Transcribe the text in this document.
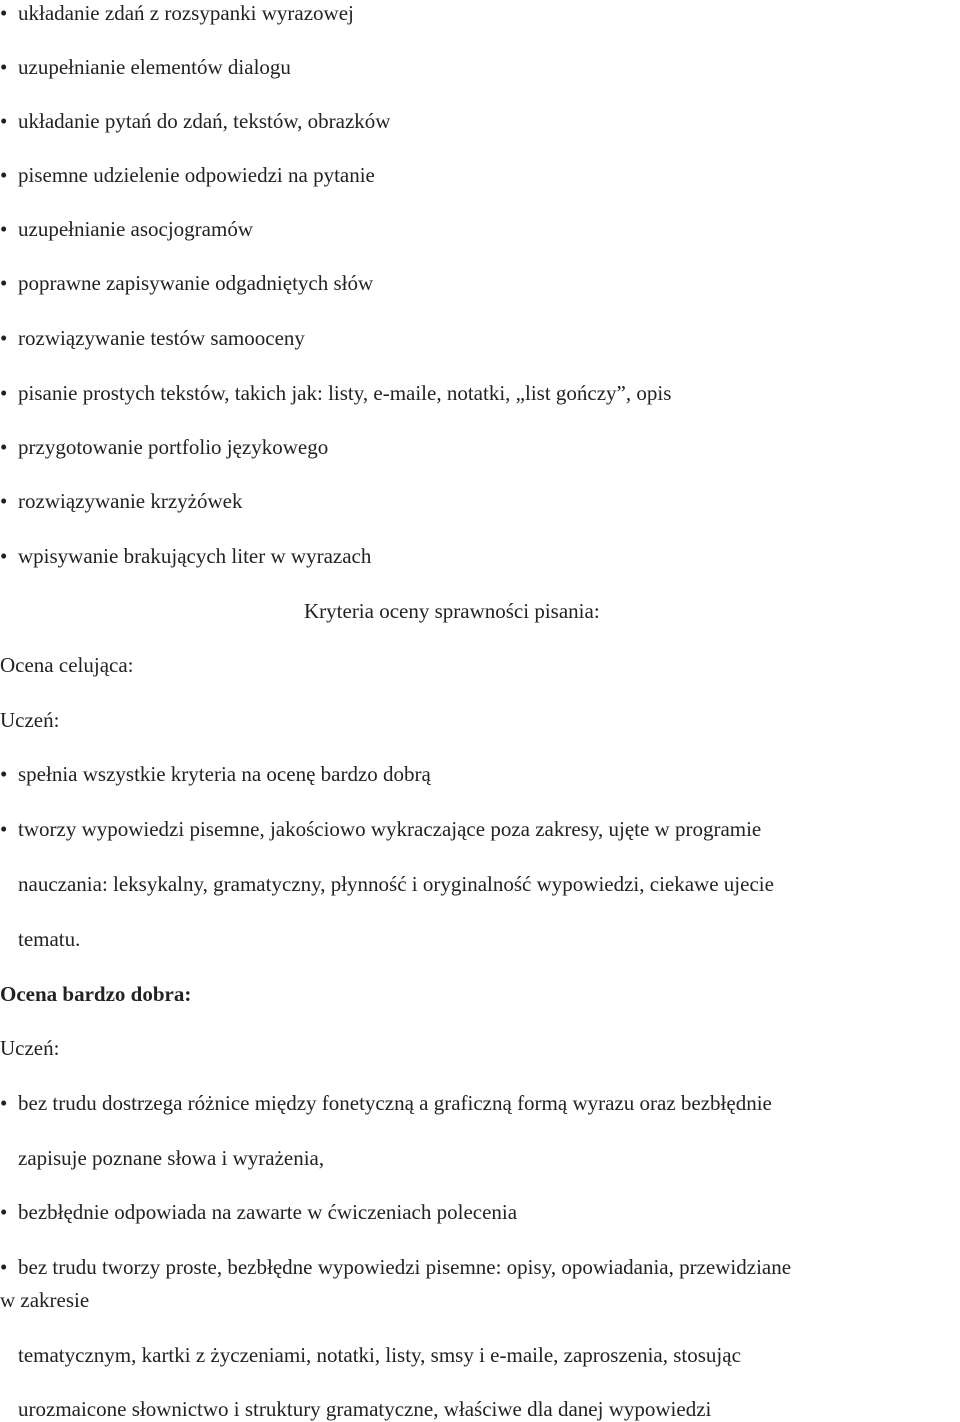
• układanie zdań z rozsypanki wyrazowej
• uzupełnianie elementów dialogu
• układanie pytań do zdań, tekstów, obrazków
• pisemne udzielenie odpowiedzi na pytanie
• uzupełnianie asocjogramów
• poprawne zapisywanie odgadniętych słów
• rozwiązywanie testów samooceny
• pisanie prostych tekstów, takich jak: listy, e-maile, notatki, „list gończy”, opis
• przygotowanie portfolio językowego
• rozwiązywanie krzyżówek
• wpisywanie brakujących liter w wyrazach
Kryteria oceny sprawności pisania:
Ocena celująca:
Uczeń:
• spełnia wszystkie kryteria na ocenę bardzo dobrą
• tworzy wypowiedzi pisemne, jakościowo wykraczające poza zakresy, ujęte w programie
nauczania: leksykalny, gramatyczny, płynność i oryginalność wypowiedzi, ciekawe ujecie
tematu.
Ocena bardzo dobra:
Uczeń:
• bez trudu dostrzega różnice między fonetyczną a graficzną formą wyrazu oraz bezbłędnie
zapisuje poznane słowa i wyrażenia,
• bezbłędnie odpowiada na zawarte w ćwiczeniach polecenia
• bez trudu tworzy proste, bezbłędne wypowiedzi pisemne: opisy, opowiadania, przewidziane
w zakresie
tematycznym, kartki z życzeniami, notatki, listy, smsy i e-maile, zaproszenia, stosując
urozmaicone słownictwo i struktury gramatyczne, właściwe dla danej wypowiedzi
